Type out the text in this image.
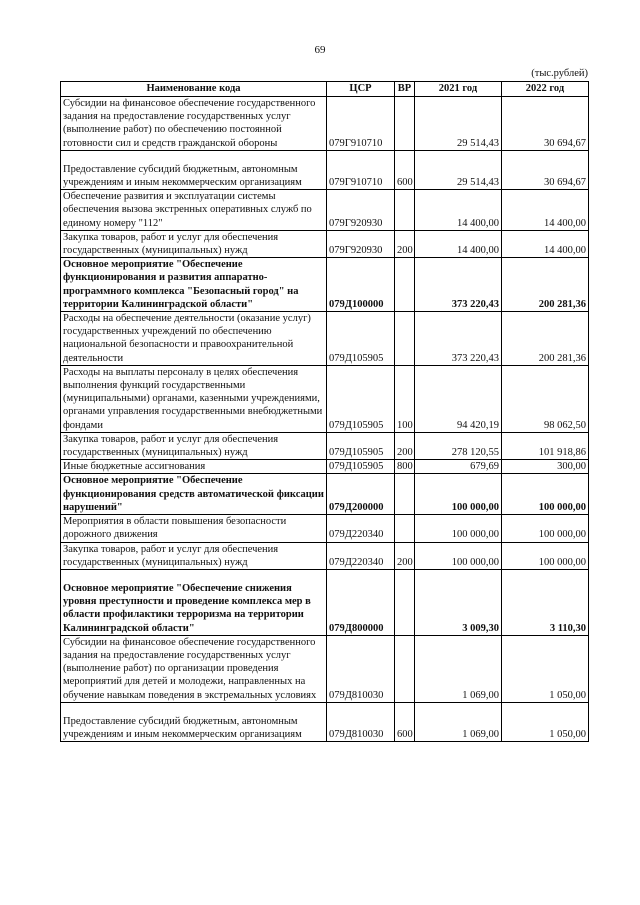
69
(тыс.рублей)
Наименование кода	ЦСР	ВР	2021 год	2022 год
Субсидии на финансовое обеспечение государственного задания на предоставление государственных услуг (выполнение работ) по обеспечению постоянной готовности сил и средств гражданской обороны	079Г910710		29 514,43	30 694,67

Предоставление субсидий бюджетным, автономным учреждениям и иным некоммерческим организациям	079Г910710	600	29 514,43	30 694,67
Обеспечение развития и эксплуатации системы обеспечения вызова экстренных оперативных служб по единому номеру "112"	079Г920930		14 400,00	14 400,00
Закупка товаров, работ и услуг для обеспечения государственных (муниципальных) нужд	079Г920930	200	14 400,00	14 400,00
Основное мероприятие "Обеспечение функционирования и развития аппаратно-программного комплекса "Безопасный город" на территории Калининградской области"	079Д100000		373 220,43	200 281,36
Расходы на обеспечение деятельности (оказание услуг) государственных учреждений по обеспечению национальной безопасности и правоохранительной деятельности	079Д105905		373 220,43	200 281,36
Расходы на выплаты персоналу в целях обеспечения выполнения функций государственными (муниципальными) органами, казенными учреждениями, органами управления государственными внебюджетными фондами	079Д105905	100	94 420,19	98 062,50
Закупка товаров, работ и услуг для обеспечения государственных (муниципальных) нужд	079Д105905	200	278 120,55	101 918,86
Иные бюджетные ассигнования	079Д105905	800	679,69	300,00
Основное мероприятие "Обеспечение функционирования средств автоматической фиксации нарушений"	079Д200000		100 000,00	100 000,00
Мероприятия в области повышения безопасности дорожного движения	079Д220340		100 000,00	100 000,00
Закупка товаров, работ и услуг для обеспечения государственных (муниципальных) нужд	079Д220340	200	100 000,00	100 000,00

Основное мероприятие "Обеспечение снижения уровня преступности и проведение комплекса мер в области профилактики терроризма на территории Калининградской области"	079Д800000		3 009,30	3 110,30
Субсидии на финансовое обеспечение государственного задания на предоставление государственных услуг (выполнение работ) по организации проведения мероприятий для детей и молодежи, направленных на обучение навыкам поведения в экстремальных условиях	079Д810030		1 069,00	1 050,00

Предоставление субсидий бюджетным, автономным учреждениям и иным некоммерческим организациям	079Д810030	600	1 069,00	1 050,00
